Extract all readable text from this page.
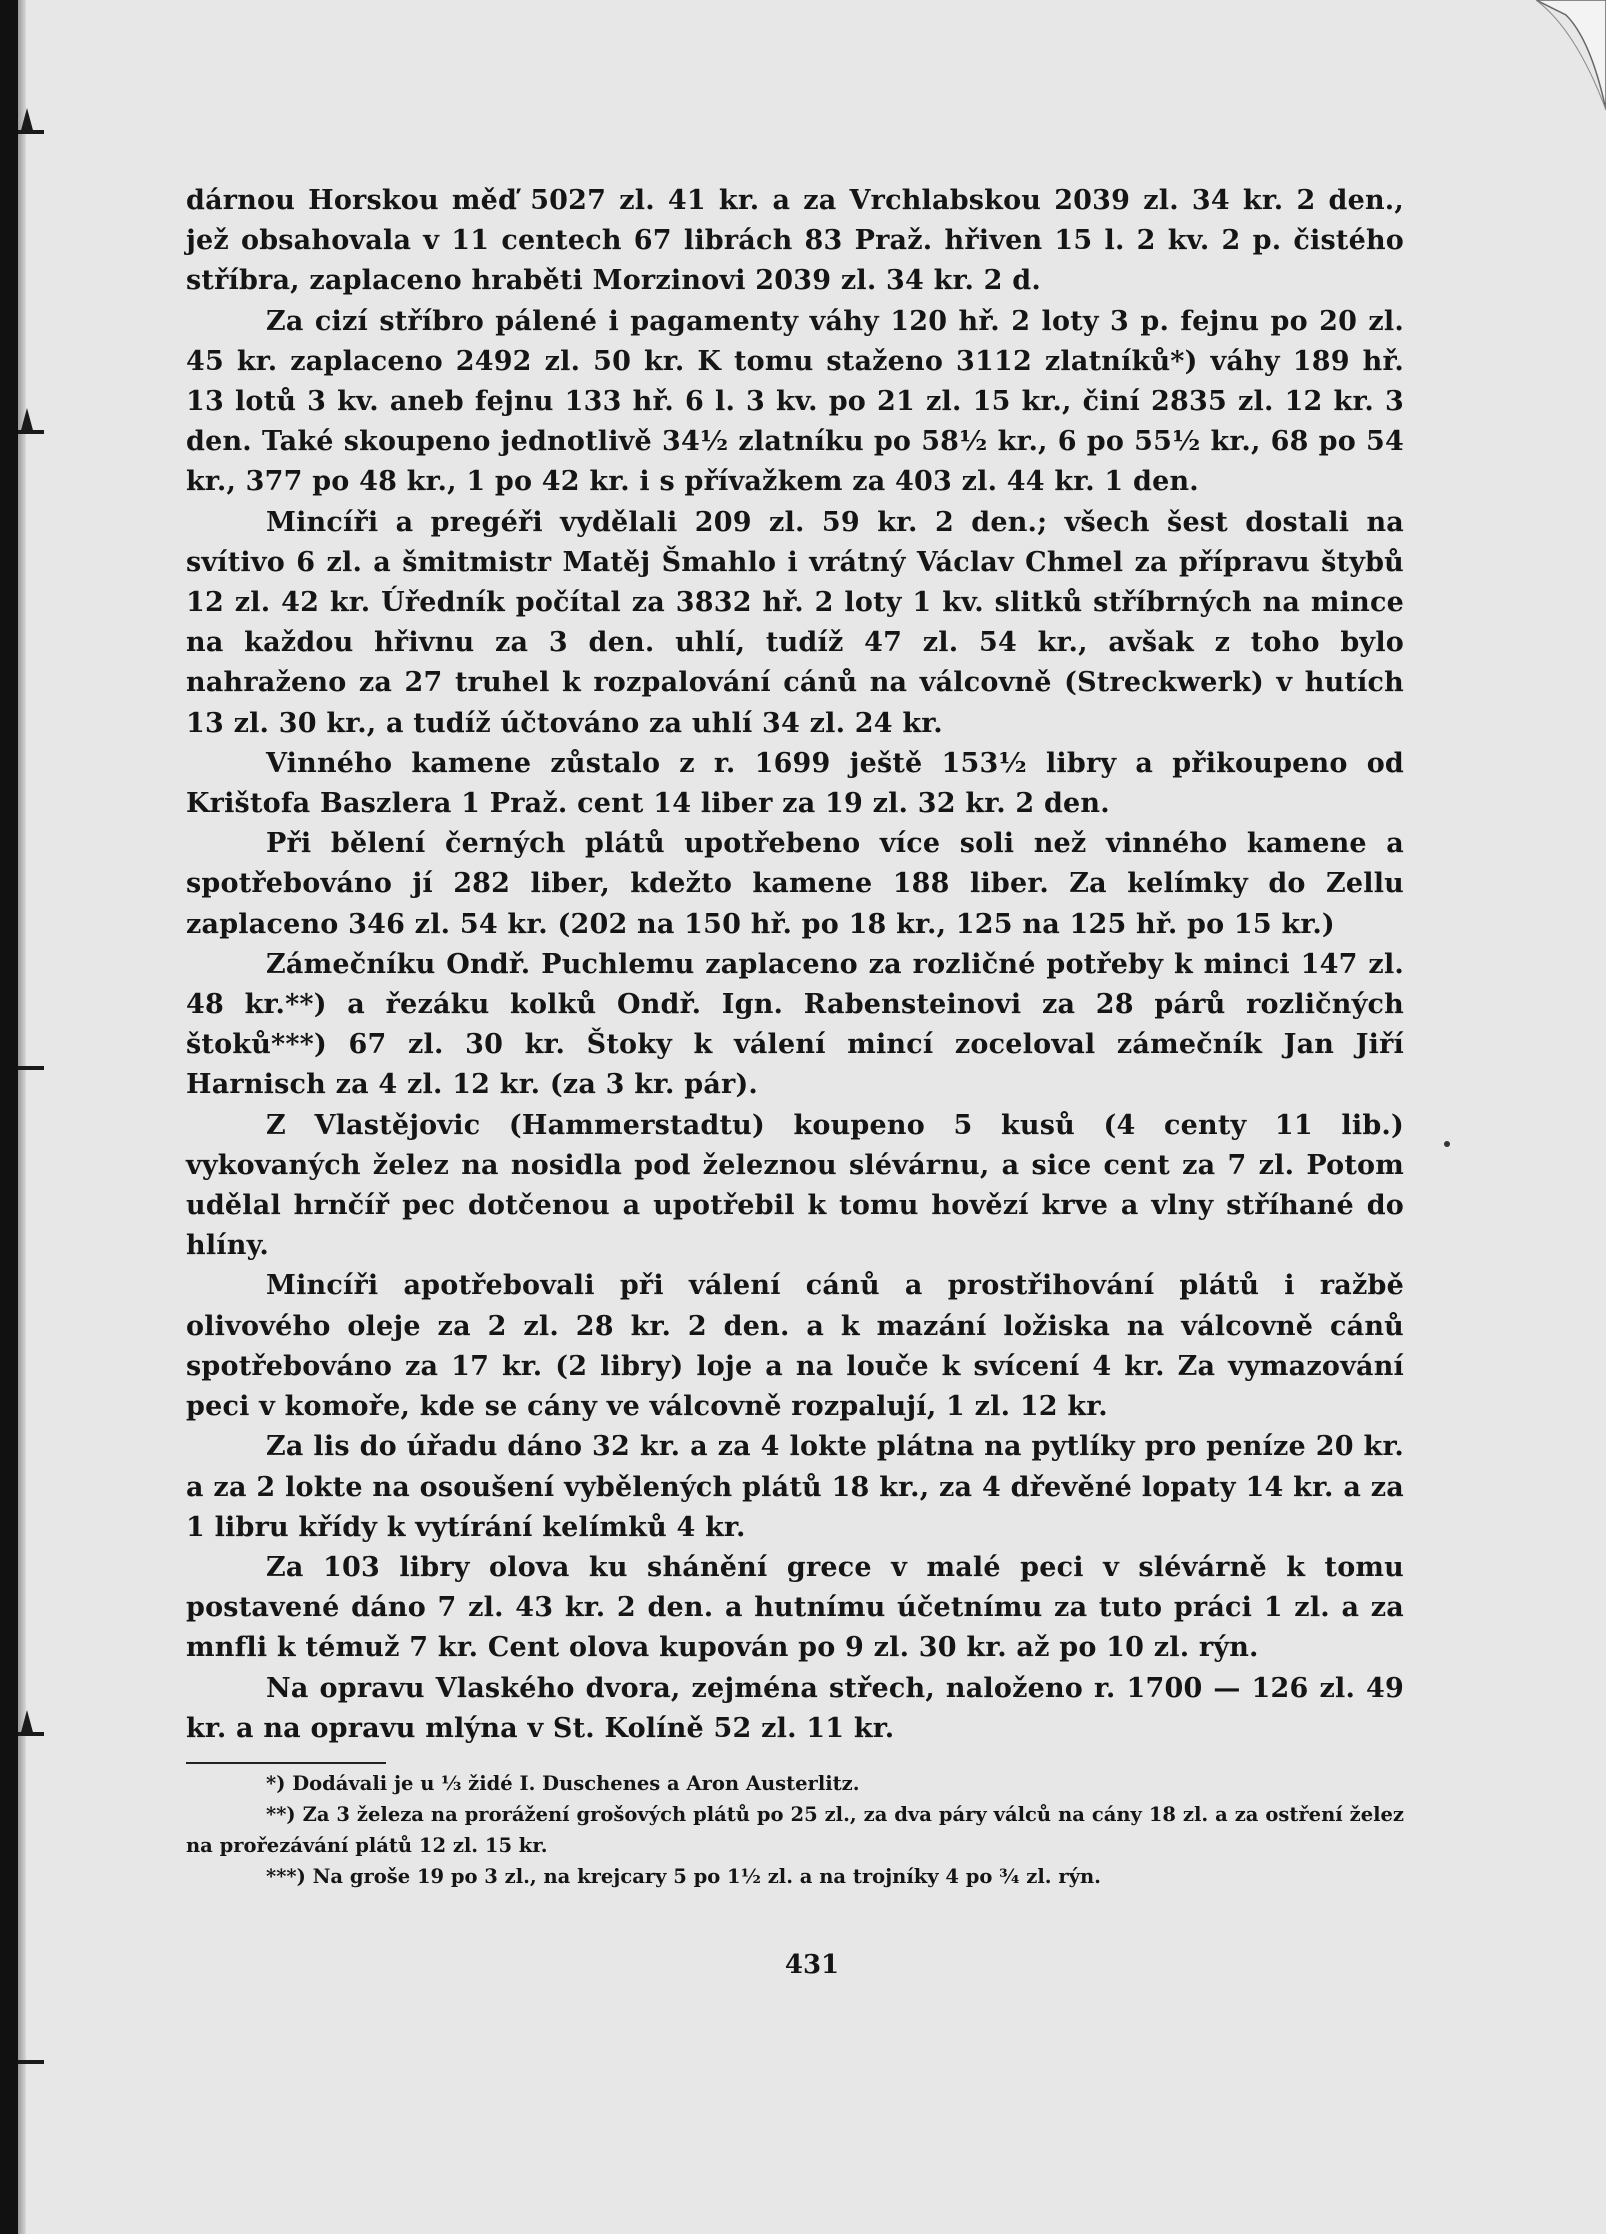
dárnou Horskou měď 5027 zl. 41 kr. a za Vrchlabskou 2039 zl. 34 kr. 2 den., jež obsahovala v 11 centech 67 librách 83 Praž. hřiven 15 l. 2 kv. 2 p. čistého stříbra, zaplaceno hraběti Morzinovi 2039 zl. 34 kr. 2 d.

Za cizí stříbro pálené i pagamenty váhy 120 hř. 2 loty 3 p. fejnu po 20 zl. 45 kr. zaplaceno 2492 zl. 50 kr. K tomu staženo 3112 zlatníků*) váhy 189 hř. 13 lotů 3 kv. aneb fejnu 133 hř. 6 l. 3 kv. po 21 zl. 15 kr., činí 2835 zl. 12 kr. 3 den. Také skoupeno jednotlivě 34½ zlatníku po 58½ kr., 6 po 55½ kr., 68 po 54 kr., 377 po 48 kr., 1 po 42 kr. i s přívažkem za 403 zl. 44 kr. 1 den.

Mincíři a pregéři vydělali 209 zl. 59 kr. 2 den.; všech šest dostali na svítivo 6 zl. a šmitmistr Matěj Šmahlo i vrátný Václav Chmel za přípravu štybů 12 zl. 42 kr. Úředník počítal za 3832 hř. 2 loty 1 kv. slitků stříbrných na mince na každou hřivnu za 3 den. uhlí, tudíž 47 zl. 54 kr., avšak z toho bylo nahraženo za 27 truhel k rozpalování cánů na válcovně (Streckwerk) v hutích 13 zl. 30 kr., a tudíž účtováno za uhlí 34 zl. 24 kr.

Vinného kamene zůstalo z r. 1699 ještě 153½ libry a přikoupeno od Krištofa Baszlera 1 Praž. cent 14 liber za 19 zl. 32 kr. 2 den.

Při bělení černých plátů upotřebeno více soli než vinného kamene a spotřebováno jí 282 liber, kdežto kamene 188 liber. Za kelímky do Zellu zaplaceno 346 zl. 54 kr. (202 na 150 hř. po 18 kr., 125 na 125 hř. po 15 kr.)

Zámečníku Ondř. Puchlemu zaplaceno za rozličné potřeby k minci 147 zl. 48 kr.**) a řezáku kolků Ondř. Ign. Rabensteinovi za 28 párů rozličných štoků***) 67 zl. 30 kr. Štoky k válení mincí zoceloval zámečník Jan Jiří Harnisch za 4 zl. 12 kr. (za 3 kr. pár).

Z Vlastějovic (Hammerstadtu) koupeno 5 kusů (4 centy 11 lib.) vykovaných želez na nosidla pod železnou slévárnu, a sice cent za 7 zl. Potom udělal hrnčíř pec dotčenou a upotřebil k tomu hovězí krve a vlny stříhané do hlíny.

Mincíři apotřebovali při válení cánů a prostřihování plátů i ražbě olivového oleje za 2 zl. 28 kr. 2 den. a k mazání ložiska na válcovně cánů spotřebováno za 17 kr. (2 libry) loje a na louče k svícení 4 kr. Za vymazování peci v komoře, kde se cány ve válcovně rozpalují, 1 zl. 12 kr.

Za lis do úřadu dáno 32 kr. a za 4 lokte plátna na pytlíky pro peníze 20 kr. a za 2 lokte na osoušení vybělených plátů 18 kr., za 4 dřevěné lopaty 14 kr. a za 1 libru křídy k vytírání kelímků 4 kr.

Za 103 libry olova ku shánění grece v malé peci v slévárně k tomu postavené dáno 7 zl. 43 kr. 2 den. a hutnímu účetnímu za tuto práci 1 zl. a za mnfli k témuž 7 kr. Cent olova kupován po 9 zl. 30 kr. až po 10 zl. rýn.

Na opravu Vlaského dvora, zejména střech, naloženo r. 1700 — 126 zl. 49 kr. a na opravu mlýna v St. Kolíně 52 zl. 11 kr.

*) Dodávali je u ⅓ židé I. Duschenes a Aron Austerlitz.

**) Za 3 železa na prorážení grošových plátů po 25 zl., za dva páry válců na cány 18 zl. a za ostření želez na prořezávání plátů 12 zl. 15 kr.

***) Na groše 19 po 3 zl., na krejcary 5 po 1½ zl. a na trojníky 4 po ¾ zl. rýn.

431
